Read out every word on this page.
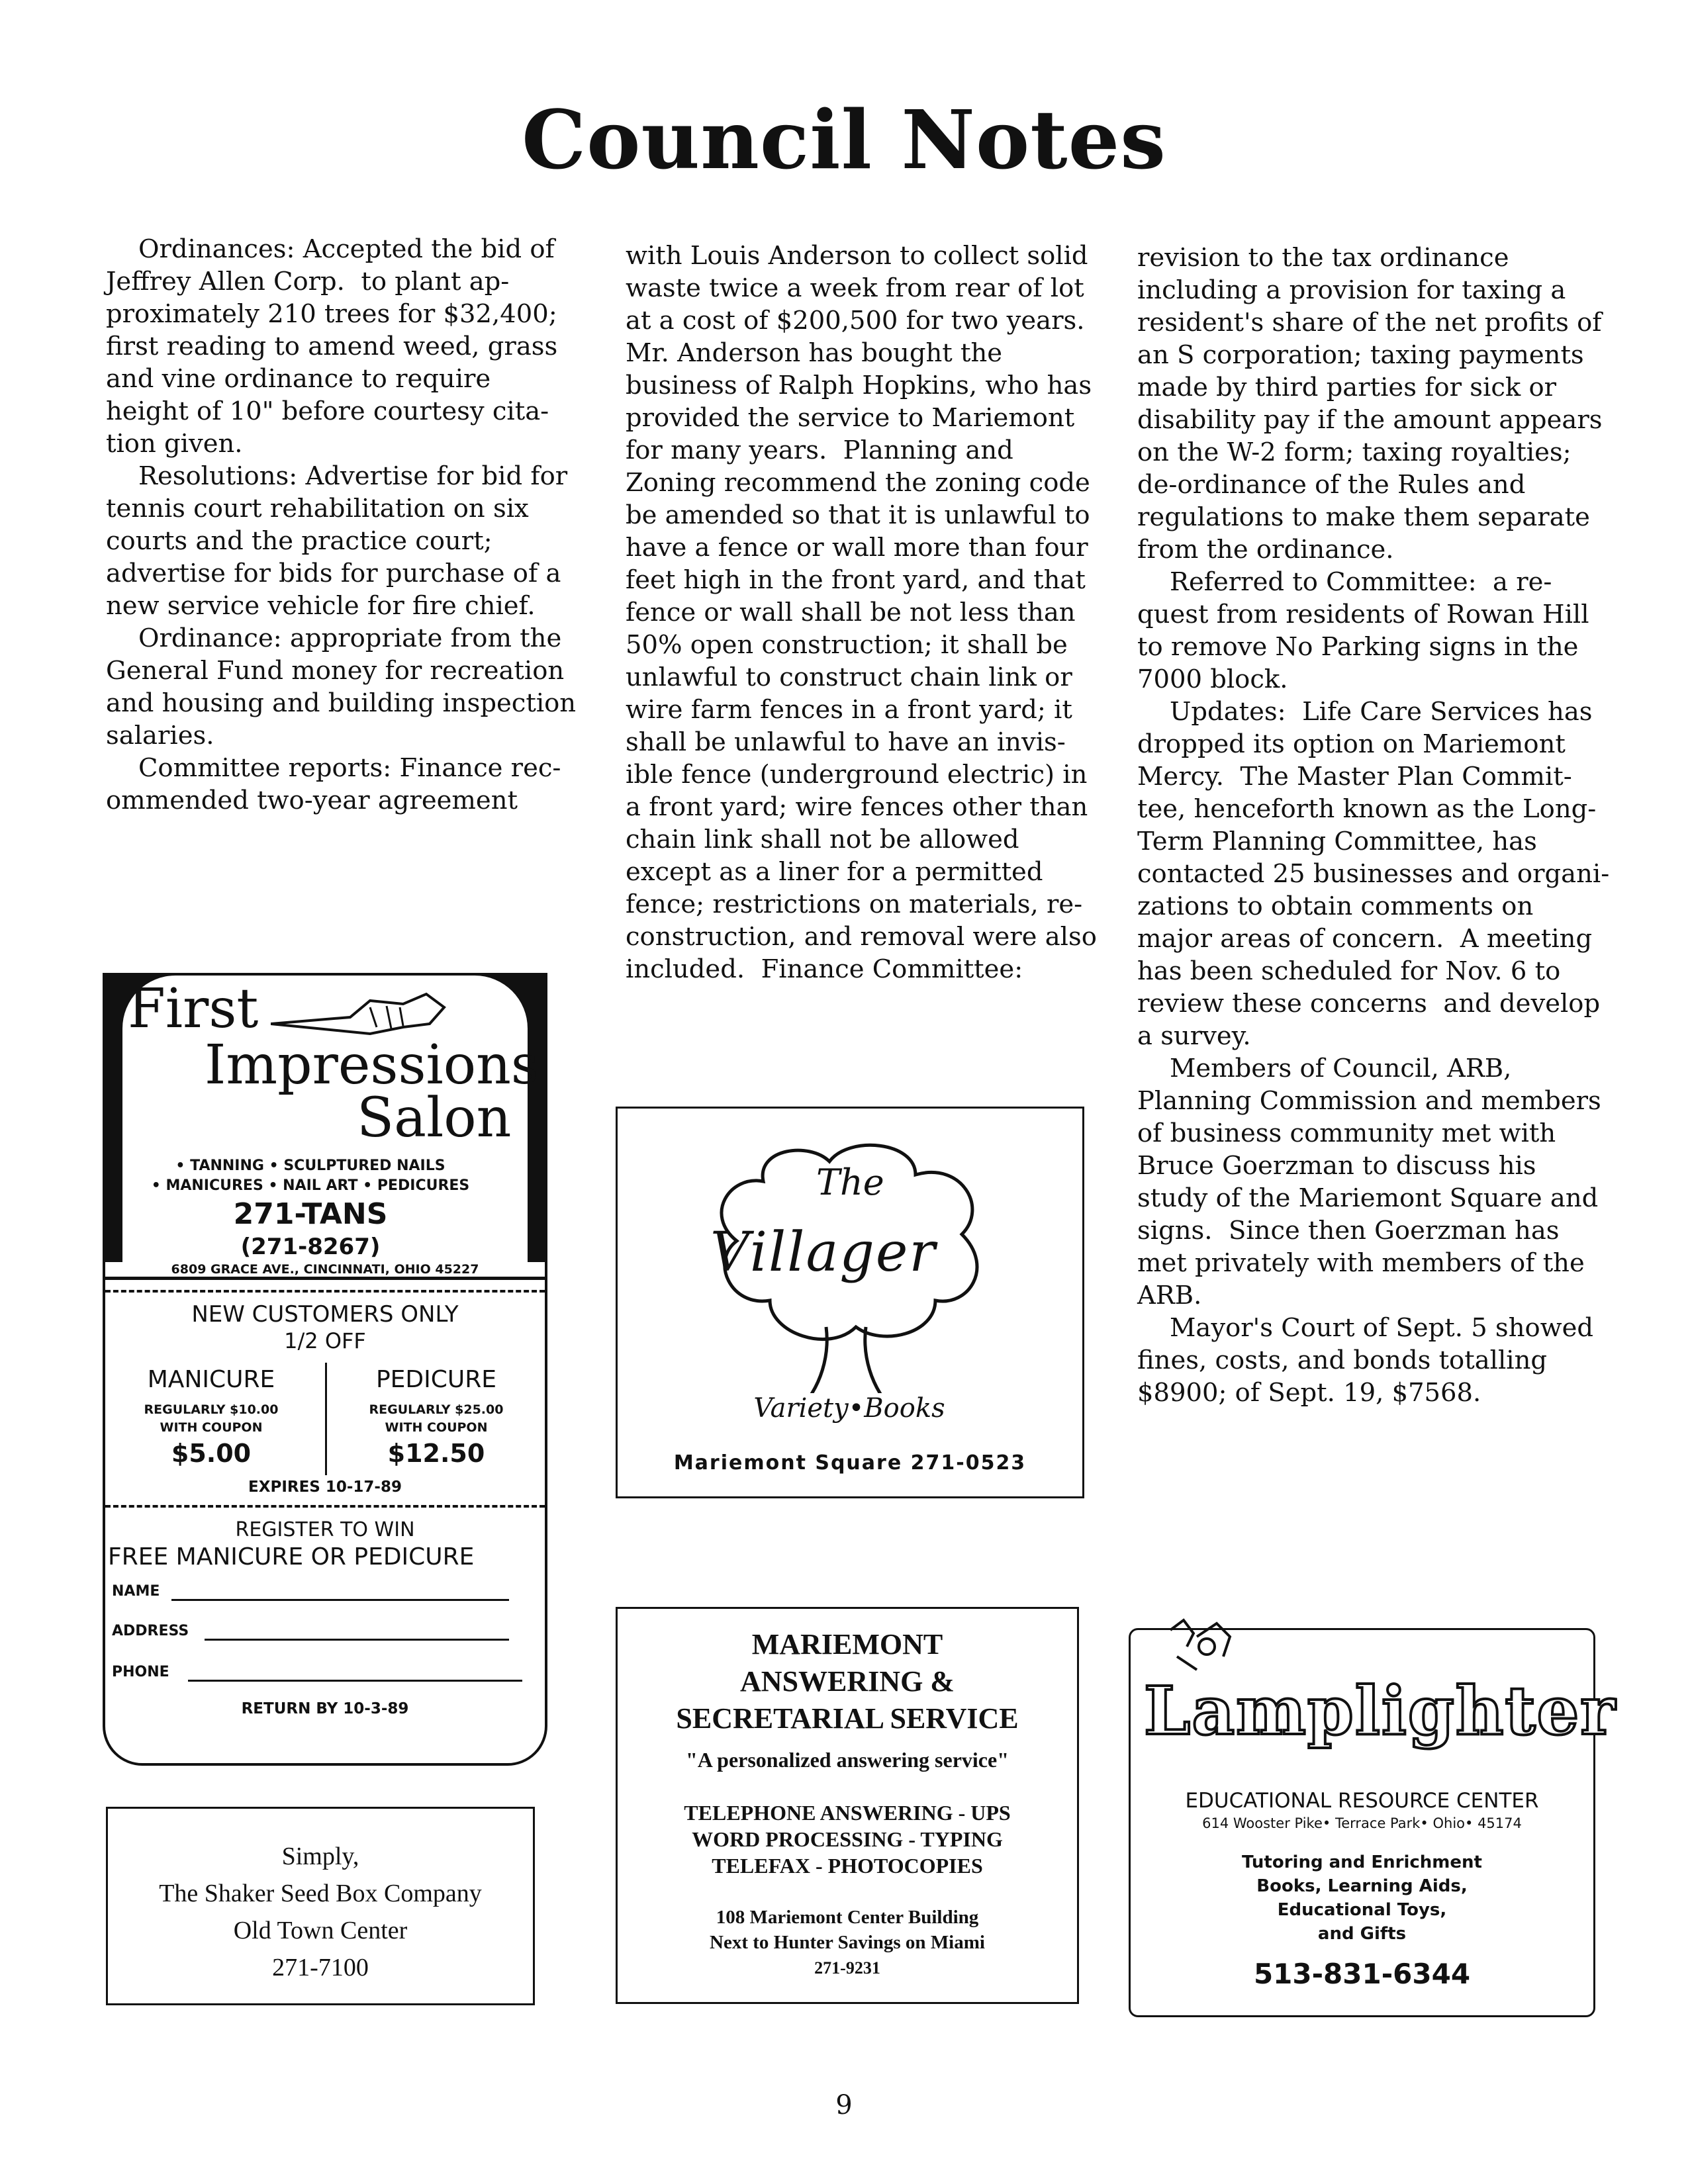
Council Notes

Ordinances: Accepted the bid of

Jeffrey Allen Corp.  to plant ap-

proximately 210 trees for $32,400;

first reading to amend weed, grass

and vine ordinance to require

height of 10" before courtesy cita-

tion given.

Resolutions: Advertise for bid for

tennis court rehabilitation on six

courts and the practice court;

advertise for bids for purchase of a

new service vehicle for fire chief.

Ordinance: appropriate from the

General Fund money for recreation

and housing and building inspection

salaries.

Committee reports: Finance rec-

ommended two-year agreement

with Louis Anderson to collect solid

waste twice a week from rear of lot

at a cost of $200,500 for two years.

Mr. Anderson has bought the

business of Ralph Hopkins, who has

provided the service to Mariemont

for many years.  Planning and

Zoning recommend the zoning code

be amended so that it is unlawful to

have a fence or wall more than four

feet high in the front yard, and that

fence or wall shall be not less than

50% open construction; it shall be

unlawful to construct chain link or

wire farm fences in a front yard; it

shall be unlawful to have an invis-

ible fence (underground electric) in

a front yard; wire fences other than

chain link shall not be allowed

except as a liner for a permitted

fence; restrictions on materials, re-

construction, and removal were also

included.  Finance Committee:

revision to the tax ordinance

including a provision for taxing a

resident's share of the net profits of

an S corporation; taxing payments

made by third parties for sick or

disability pay if the amount appears

on the W-2 form; taxing royalties;

de-ordinance of the Rules and

regulations to make them separate

from the ordinance.

Referred to Committee:  a re-

quest from residents of Rowan Hill

to remove No Parking signs in the

7000 block.

Updates:  Life Care Services has

dropped its option on Mariemont

Mercy.  The Master Plan Commit-

tee, henceforth known as the Long-

Term Planning Committee, has

contacted 25 businesses and organi-

zations to obtain comments on

major areas of concern.  A meeting

has been scheduled for Nov. 6 to

review these concerns  and develop

a survey.

Members of Council, ARB,

Planning Commission and members

of business community met with

Bruce Goerzman to discuss his

study of the Mariemont Square and

signs.  Since then Goerzman has

met privately with members of the

ARB.

Mayor's Court of Sept. 5 showed

fines, costs, and bonds totalling

$8900; of Sept. 19, $7568.

First
Impressions
Salon
• TANNING • SCULPTURED NAILS
• MANICURES • NAIL ART • PEDICURES
271-TANS
(271-8267)
6809 GRACE AVE., CINCINNATI, OHIO 45227
NEW CUSTOMERS ONLY
1/2 OFF
MANICURE
REGULARLY $10.00
WITH COUPON
$5.00
PEDICURE
REGULARLY $25.00
WITH COUPON
$12.50
EXPIRES 10-17-89
REGISTER TO WIN
FREE MANICURE OR PEDICURE
NAME
ADDRESS
PHONE
RETURN BY 10-3-89
The
Villager
Variety•Books
Mariemont Square 271-0523
Simply,
The Shaker Seed Box Company
Old Town Center
271-7100
MARIEMONT
ANSWERING &
SECRETARIAL SERVICE
"A personalized answering service"
TELEPHONE ANSWERING - UPS
WORD PROCESSING - TYPING
TELEFAX - PHOTOCOPIES
108 Mariemont Center Building
Next to Hunter Savings on Miami
271-9231
Lamplighter
EDUCATIONAL RESOURCE CENTER
614 Wooster Pike• Terrace Park• Ohio• 45174
Tutoring and Enrichment
Books, Learning Aids,
Educational Toys,
and Gifts
513-831-6344
9
